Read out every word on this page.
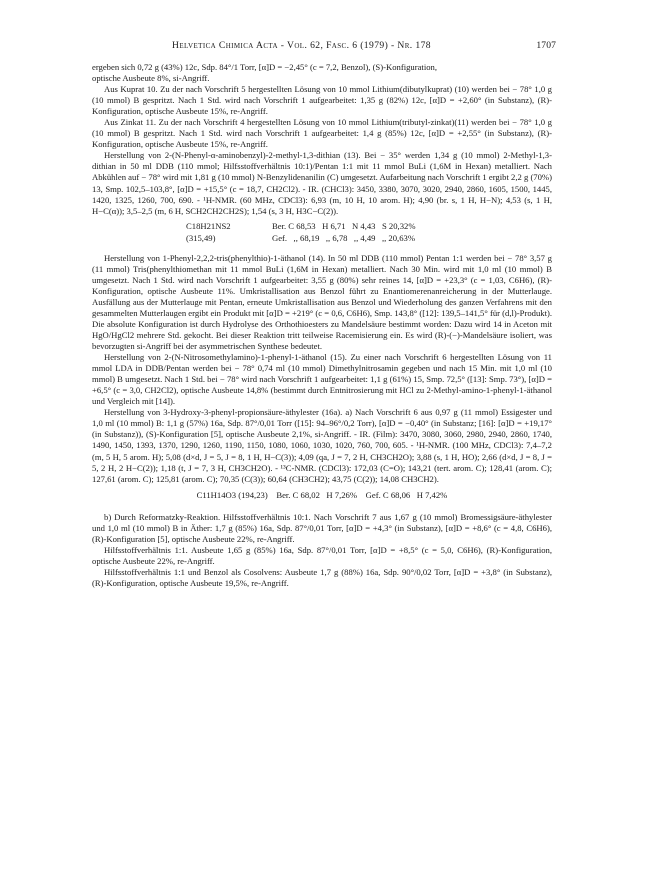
Helvetica Chimica Acta - Vol. 62, Fasc. 6 (1979) - Nr. 178	1707

ergeben sich 0,72 g (43%) 12c, Sdp. 84°/1 Torr, [α]D = −2,45° (c = 7,2, Benzol), (S)-Konfiguration,

optische Ausbeute 8%, si-Angriff.

Aus Kuprat 10. Zu der nach Vorschrift 5 hergestellten Lösung von 10 mmol Lithium(dibutylkuprat) (10) werden bei − 78° 1,0 g (10 mmol) B gespritzt. Nach 1 Std. wird nach Vorschrift 1 aufgearbeitet: 1,35 g (82%) 12c, [α]D = +2,60° (in Substanz), (R)-Konfiguration, optische Ausbeute 15%, re-Angriff.

Aus Zinkat 11. Zu der nach Vorschrift 4 hergestellten Lösung von 10 mmol Lithium(tributyl-zinkat)(11) werden bei − 78° 1,0 g (10 mmol) B gespritzt. Nach 1 Std. wird nach Vorschrift 1 aufgearbeitet: 1,4 g (85%) 12c, [α]D = +2,55° (in Substanz), (R)-Konfiguration, optische Ausbeute 15%, re-Angriff.

Herstellung von 2-(N-Phenyl-α-aminobenzyl)-2-methyl-1,3-dithian (13). Bei − 35° werden 1,34 g (10 mmol) 2-Methyl-1,3-dithian in 50 ml DDB (110 mmol; Hilfsstoffverhältnis 10:1)/Pentan 1:1 mit 11 mmol BuLi (1,6M in Hexan) metalliert. Nach Abkühlen auf − 78° wird mit 1,81 g (10 mmol) N-Benzylidenanilin (C) umgesetzt. Aufarbeitung nach Vorschrift 1 ergibt 2,2 g (70%) 13, Smp. 102,5–103,8°, [α]D = +15,5° (c = 18,7, CH2Cl2). - IR. (CHCl3): 3450, 3380, 3070, 3020, 2940, 2860, 1605, 1500, 1445, 1420, 1325, 1260, 700, 690. - ¹H-NMR. (60 MHz, CDCl3): 6,93 (m, 10 H, 10 arom. H); 4,90 (br. s, 1 H, H−N); 4,53 (s, 1 H, H−C(α)); 3,5–2,5 (m, 6 H, SCH2CH2CH2S); 1,54 (s, 3 H, H3C−C(2)).

C18H21NS2
(315,49)
Ber. C 68,53   H 6,71   N 4,43   S 20,32%
Gef.   ,, 68,19   ,, 6,78   ,, 4,49   ,, 20,63%

Herstellung von 1-Phenyl-2,2,2-tris(phenylthio)-1-äthanol (14). In 50 ml DDB (110 mmol) Pentan 1:1 werden bei − 78° 3,57 g (11 mmol) Tris(phenylthiomethan mit 11 mmol BuLi (1,6M in Hexan) metalliert. Nach 30 Min. wird mit 1,0 ml (10 mmol) B umgesetzt. Nach 1 Std. wird nach Vorschrift 1 aufgearbeitet: 3,55 g (80%) sehr reines 14, [α]D = +23,3° (c = 1,03, C6H6), (R)-Konfiguration, optische Ausbeute 11%. Umkristallisation aus Benzol führt zu Enantiomerenanreicherung in der Mutterlauge. Ausfällung aus der Mutterlauge mit Pentan, erneute Umkristallisation aus Benzol und Wiederholung des ganzen Verfahrens mit den gesammelten Mutterlaugen ergibt ein Produkt mit [α]D = +219° (c = 0,6, C6H6), Smp. 143,8° ([12]: 139,5–141,5° für (d,l)-Produkt). Die absolute Konfiguration ist durch Hydrolyse des Orthothioesters zu Mandelsäure bestimmt worden: Dazu wird 14 in Aceton mit HgO/HgCl2 mehrere Std. gekocht. Bei dieser Reaktion tritt teilweise Racemisierung ein. Es wird (R)-(−)-Mandelsäure isoliert, was bevorzugten si-Angriff bei der asymmetrischen Synthese bedeutet.

Herstellung von 2-(N-Nitrosomethylamino)-1-phenyl-1-äthanol (15). Zu einer nach Vorschrift 6 hergestellten Lösung von 11 mmol LDA in DDB/Pentan werden bei − 78° 0,74 ml (10 mmol) Dimethylnitrosamin gegeben und nach 15 Min. mit 1,0 ml (10 mmol) B umgesetzt. Nach 1 Std. bei − 78° wird nach Vorschrift 1 aufgearbeitet: 1,1 g (61%) 15, Smp. 72,5° ([13]: Smp. 73°), [α]D = +6,5° (c = 3,0, CH2Cl2), optische Ausbeute 14,8% (bestimmt durch Entnitrosierung mit HCl zu 2-Methyl-amino-1-phenyl-1-äthanol und Vergleich mit [14]).

Herstellung von 3-Hydroxy-3-phenyl-propionsäure-äthylester (16a). a) Nach Vorschrift 6 aus 0,97 g (11 mmol) Essigester und 1,0 ml (10 mmol) B: 1,1 g (57%) 16a, Sdp. 87°/0,01 Torr ([15]: 94–96°/0,2 Torr), [α]D = −0,40° (in Substanz; [16]: [α]D = +19,17° (in Substanz)), (S)-Konfiguration [5], optische Ausbeute 2,1%, si-Angriff. - IR. (Film): 3470, 3080, 3060, 2980, 2940, 2860, 1740, 1490, 1450, 1393, 1370, 1290, 1260, 1190, 1150, 1080, 1060, 1030, 1020, 760, 700, 605. - ¹H-NMR. (100 MHz, CDCl3): 7,4–7,2 (m, 5 H, 5 arom. H); 5,08 (d×d, J = 5, J = 8, 1 H, H−C(3)); 4,09 (qa, J = 7, 2 H, CH3CH2O); 3,88 (s, 1 H, HO); 2,66 (d×d, J = 8, J = 5, 2 H, 2 H−C(2)); 1,18 (t, J = 7, 3 H, CH3CH2O). - ¹³C-NMR. (CDCl3): 172,03 (C=O); 143,21 (tert. arom. C); 128,41 (arom. C); 127,61 (arom. C); 125,81 (arom. C); 70,35 (C(3)); 60,64 (CH3CH2); 43,75 (C(2)); 14,08 CH3CH2).

C11H14O3 (194,23)    Ber. C 68,02   H 7,26%    Gef. C 68,06   H 7,42%

b) Durch Reformatzky-Reaktion. Hilfsstoffverhältnis 10:1. Nach Vorschrift 7 aus 1,67 g (10 mmol) Bromessigsäure-äthylester und 1,0 ml (10 mmol) B in Äther: 1,7 g (85%) 16a, Sdp. 87°/0,01 Torr, [α]D = +4,3° (in Substanz), [α]D = +8,6° (c = 4,8, C6H6), (R)-Konfiguration [5], optische Ausbeute 22%, re-Angriff.

Hilfsstoffverhältnis 1:1. Ausbeute 1,65 g (85%) 16a, Sdp. 87°/0,01 Torr, [α]D = +8,5° (c = 5,0, C6H6), (R)-Konfiguration, optische Ausbeute 22%, re-Angriff.

Hilfsstoffverhältnis 1:1 und Benzol als Cosolvens: Ausbeute 1,7 g (88%) 16a, Sdp. 90°/0,02 Torr, [α]D = +3,8° (in Substanz), (R)-Konfiguration, optische Ausbeute 19,5%, re-Angriff.
